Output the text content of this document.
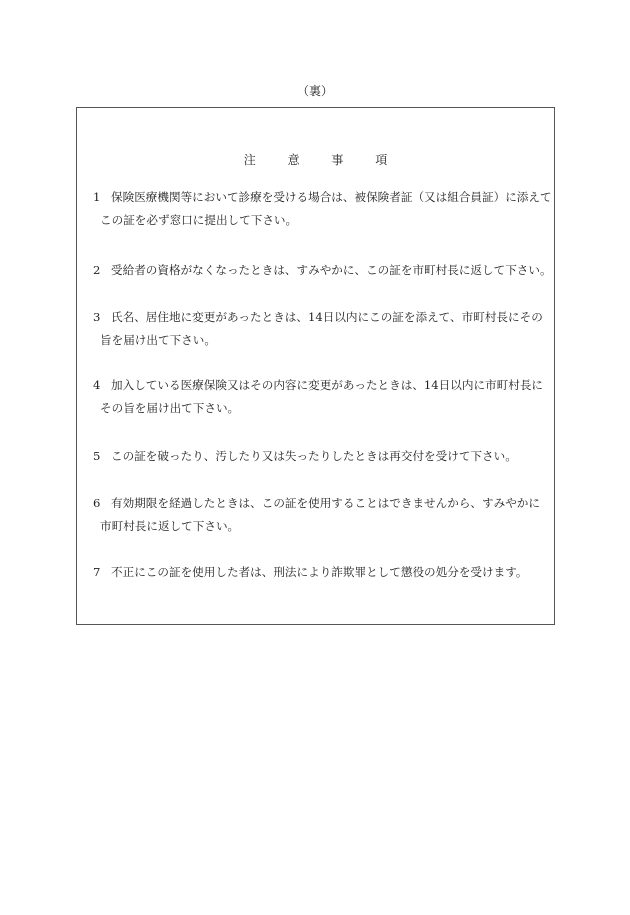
（裏）
注 意 事 項
1 保険医療機関等において診療を受ける場合は、被保険者証（又は組合員証）に添えて
この証を必ず窓口に提出して下さい。
2 受給者の資格がなくなったときは、すみやかに、この証を市町村長に返して下さい。
3 氏名、居住地に変更があったときは、14日以内にこの証を添えて、市町村長にその
旨を届け出て下さい。
4 加入している医療保険又はその内容に変更があったときは、14日以内に市町村長に
その旨を届け出て下さい。
5 この証を破ったり、汚したり又は失ったりしたときは再交付を受けて下さい。
6 有効期限を経過したときは、この証を使用することはできませんから、すみやかに
市町村長に返して下さい。
7 不正にこの証を使用した者は、刑法により詐欺罪として懲役の処分を受けます。
